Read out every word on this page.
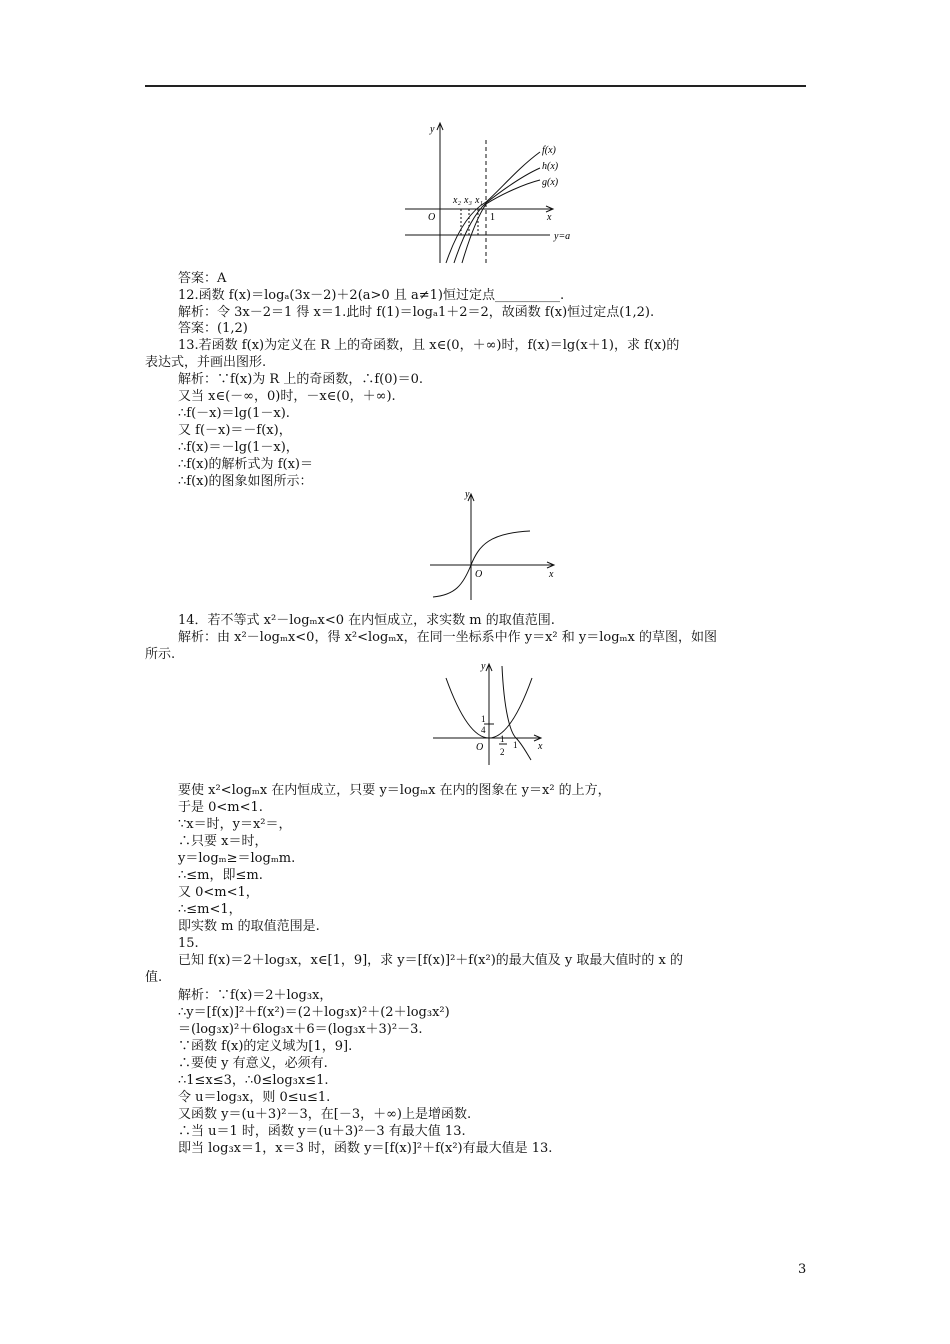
y
x
O
f(x)
h(x)
g(x)
x₂ x₃ x₁
1
y=a
答案：A
12.函数 f(x)＝logₐ(3x－2)＋2(a>0 且 a≠1)恒过定点__________.
解析：令 3x－2＝1 得 x＝1.此时 f(1)＝logₐ1＋2＝2，故函数 f(x)恒过定点(1,2).
答案：(1,2)
13.若函数 f(x)为定义在 R 上的奇函数，且 x∈(0，＋∞)时，f(x)＝lg(x＋1)，求 f(x)的
表达式，并画出图形.
解析：∵f(x)为 R 上的奇函数，∴f(0)＝0.
又当 x∈(－∞，0)时，－x∈(0，＋∞).
∴f(－x)＝lg(1－x).
又 f(－x)＝－f(x)，
∴f(x)＝－lg(1－x)，
∴f(x)的解析式为 f(x)＝
∴f(x)的图象如图所示：
y
x
O
14．若不等式 x²－logₘx<0 在内恒成立，求实数 m 的取值范围.
解析：由 x²－logₘx<0，得 x²<logₘx，在同一坐标系中作 y＝x² 和 y＝logₘx 的草图，如图
所示.
y
x
O
1
4
1
2
1
要使 x²<logₘx 在内恒成立，只要 y＝logₘx 在内的图象在 y＝x² 的上方，
于是 0<m<1.
∵x＝时，y＝x²＝，
∴只要 x＝时，
y＝logₘ≥＝logₘm.
∴≤m，即≤m.
又 0<m<1，
∴≤m<1，
即实数 m 的取值范围是.
15.
已知 f(x)＝2＋log₃x，x∈[1，9]，求 y＝[f(x)]²＋f(x²)的最大值及 y 取最大值时的 x 的
值.
解析：∵f(x)＝2＋log₃x，
∴y＝[f(x)]²＋f(x²)＝(2＋log₃x)²＋(2＋log₃x²)
＝(log₃x)²＋6log₃x＋6＝(log₃x＋3)²－3.
∵函数 f(x)的定义域为[1，9].
∴要使 y 有意义，必须有.
∴1≤x≤3，∴0≤log₃x≤1.
令 u＝log₃x，则 0≤u≤1.
又函数 y＝(u＋3)²－3，在[－3，＋∞)上是增函数.
∴当 u＝1 时，函数 y＝(u＋3)²－3 有最大值 13.
即当 log₃x＝1，x＝3 时，函数 y＝[f(x)]²＋f(x²)有最大值是 13.
3
